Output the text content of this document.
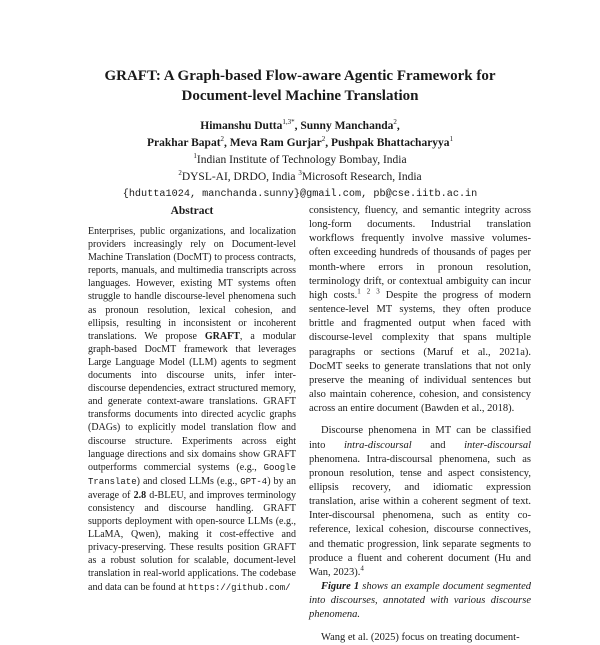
GRAFT: A Graph-based Flow-aware Agentic Framework for
Document-level Machine Translation
Himanshu Dutta$^{1,3*}$, Sunny Manchanda$^2$,
Prakhar Bapat$^2$, Meva Ram Gurjar$^2$, Pushpak Bhattacharyya$^1$
$^1$Indian Institute of Technology Bombay, India
$^2$DYSL-AI, DRDO, India $^3$Microsoft Research, India
{hdutta1024, manchanda.sunny}@gmail.com, pb@cse.iitb.ac.in
Abstract
Enterprises, public organizations, and localization providers increasingly rely on Document-level Machine Translation (DocMT) to process contracts, reports, manuals, and multimedia transcripts across languages. However, existing MT systems often struggle to handle discourse-level phenomena such as pronoun resolution, lexical cohesion, and ellipsis, resulting in inconsistent or incoherent translations. We propose GRAFT, a modular graph-based DocMT framework that leverages Large Language Model (LLM) agents to segment documents into discourse units, infer inter-discourse dependencies, extract structured memory, and generate context-aware translations. GRAFT transforms documents into directed acyclic graphs (DAGs) to explicitly model translation flow and discourse structure. Experiments across eight language directions and six domains show GRAFT outperforms commercial systems (e.g., Google Translate) and closed LLMs (e.g., GPT-4) by an average of 2.8 d-BLEU, and improves terminology consistency and discourse handling. GRAFT supports deployment with open-source LLMs (e.g., LLaMA, Qwen), making it cost-effective and privacy-preserving. These results position GRAFT as a robust solution for scalable, document-level translation in real-world applications. The codebase and data can be found at https://github.com/

consistency, fluency, and semantic integrity across long-form documents. Industrial translation workflows frequently involve massive volumes-often exceeding hundreds of thousands of pages per month-where errors in pronoun resolution, terminology drift, or contextual ambiguity can incur high costs.$^1$ $^2$ $^3$ Despite the progress of modern sentence-level MT systems, they often produce brittle and fragmented output when faced with discourse-level complexity that spans multiple paragraphs or sections (Maruf et al., 2021a). DocMT seeks to generate translations that not only preserve the meaning of individual sentences but also maintain coherence, cohesion, and consistency across an entire document (Bawden et al., 2018).

Discourse phenomena in MT can be classified into intra-discoursal and inter-discoursal phenomena. Intra-discoursal phenomena, such as pronoun resolution, tense and aspect consistency, ellipsis recovery, and idiomatic expression translation, arise within a coherent segment of text. Inter-discoursal phenomena, such as entity co-reference, lexical cohesion, discourse connectives, and thematic progression, link separate segments to produce a fluent and coherent document (Hu and Wan, 2023).$^4$

Figure 1 shows an example document segmented into discourses, annotated with various discourse phenomena.

Wang et al. (2025) focus on treating document-
